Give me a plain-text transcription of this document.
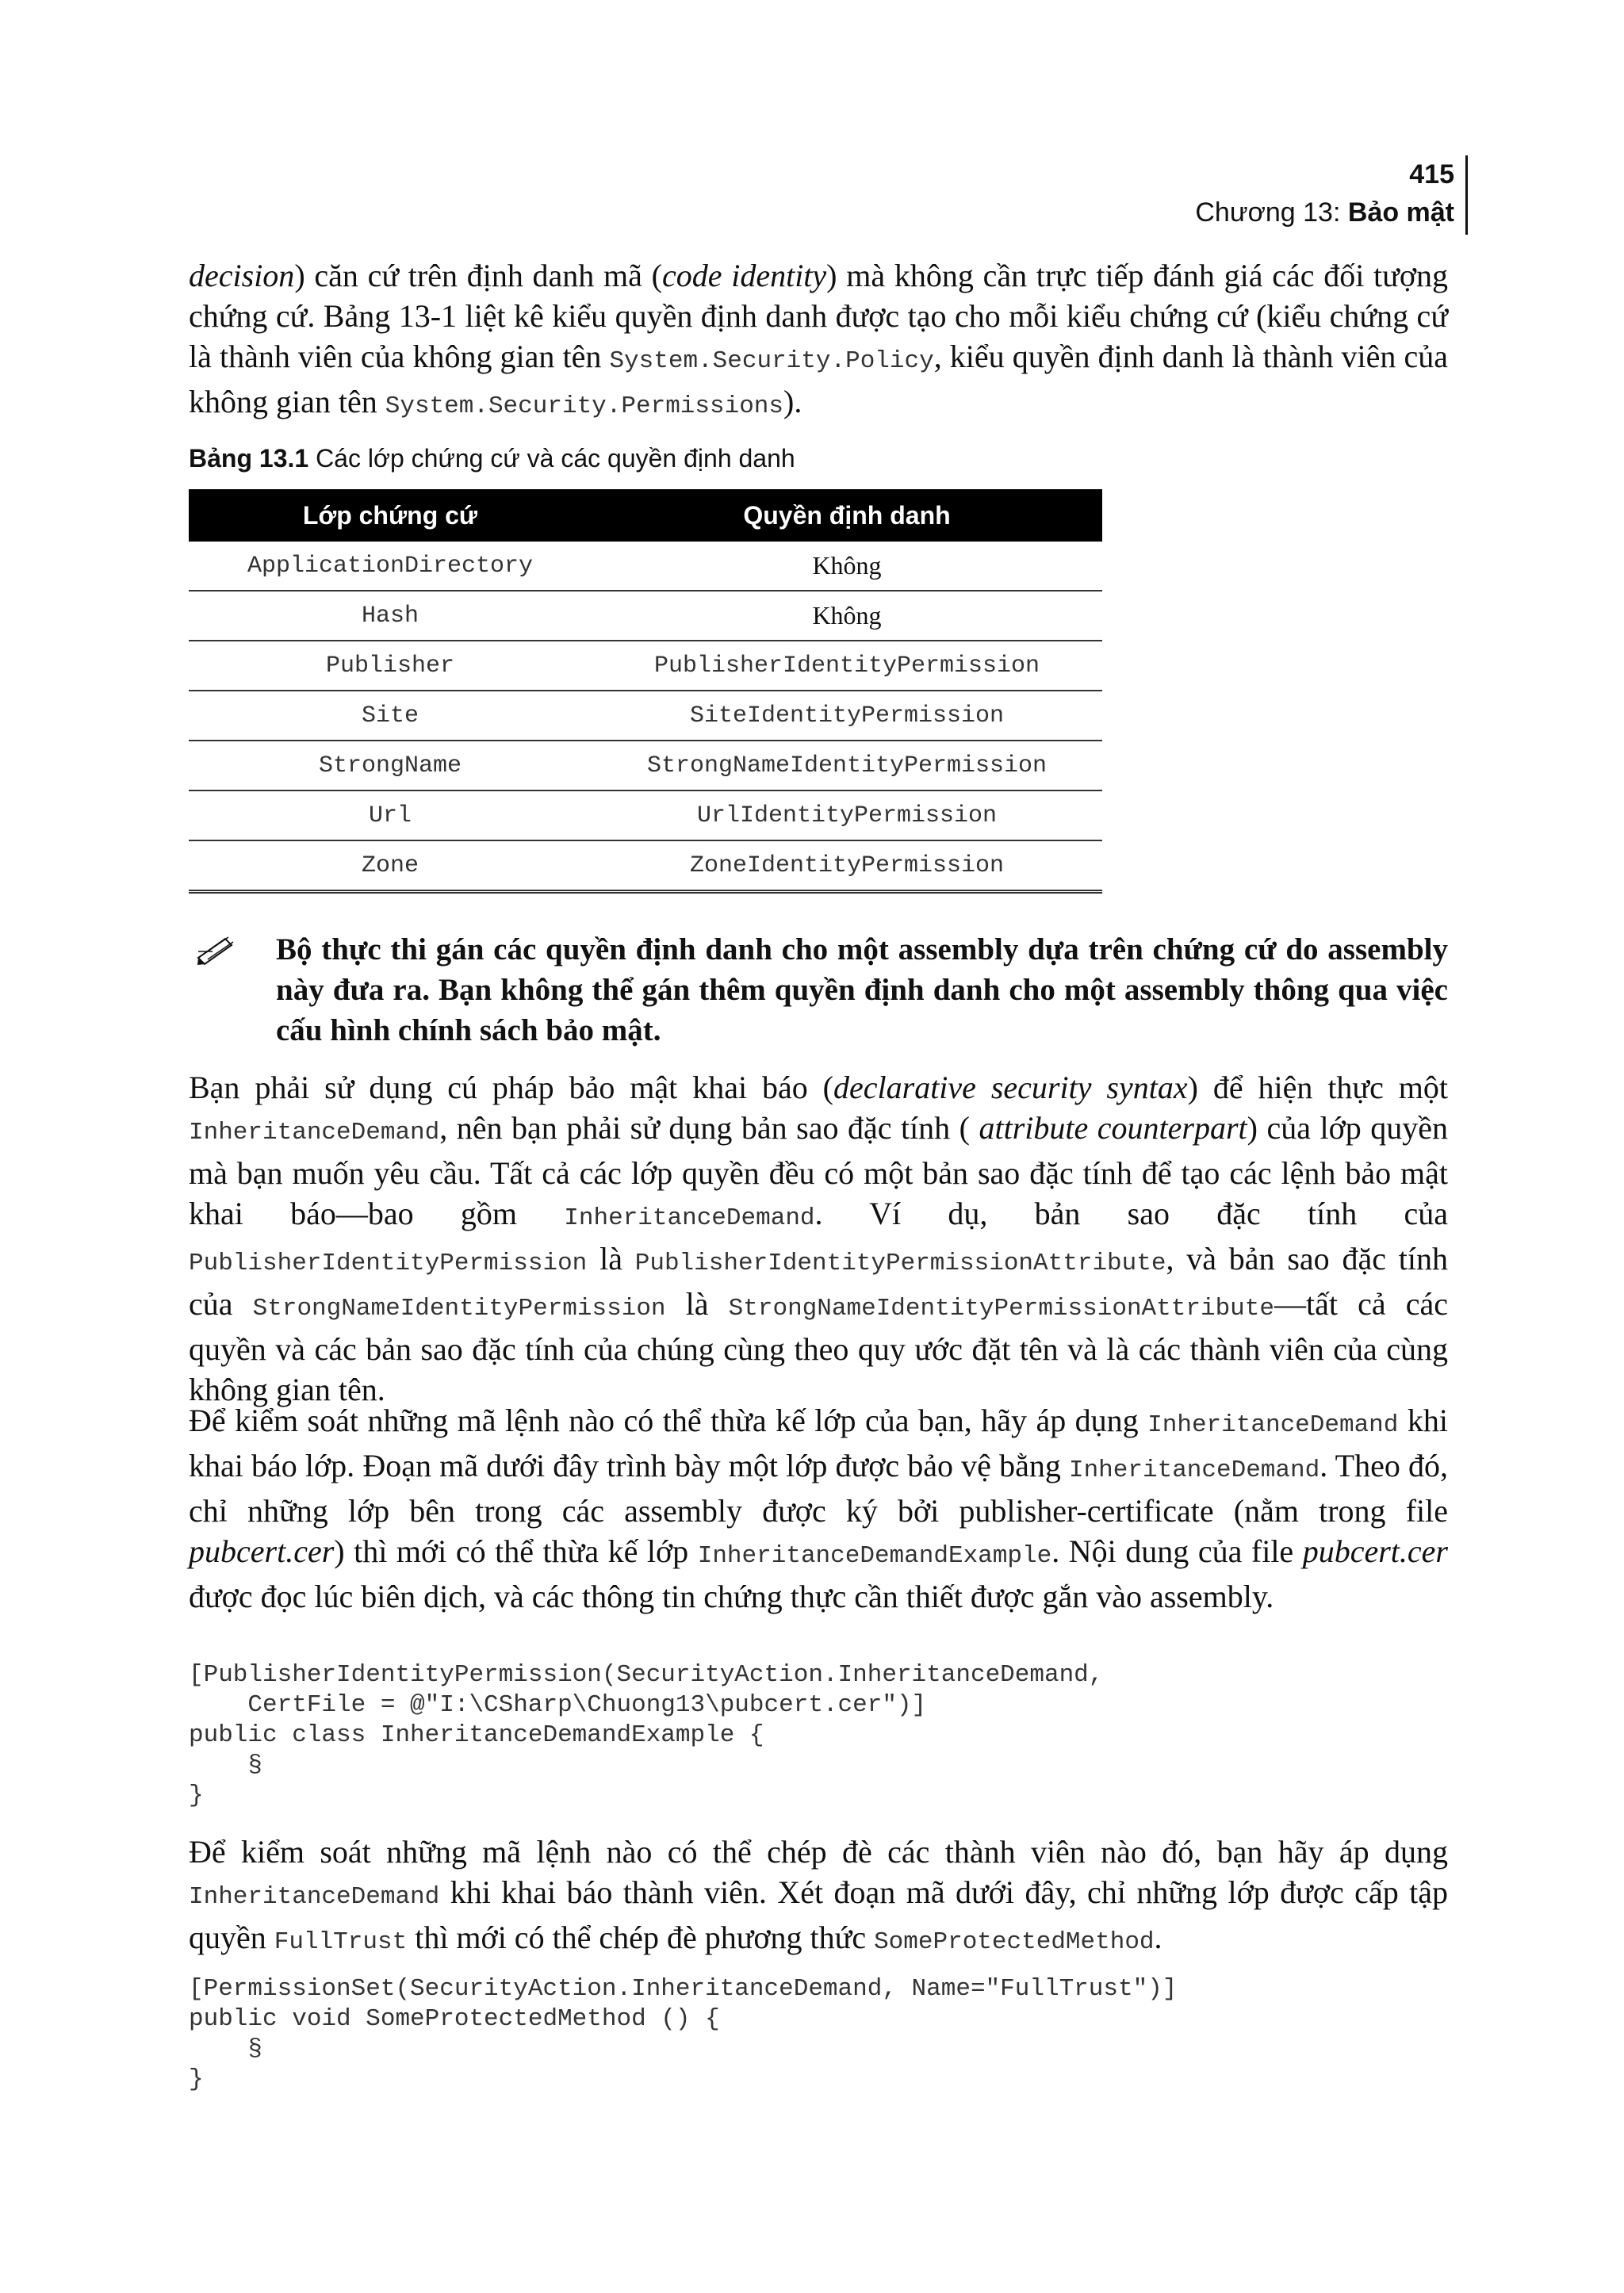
415
Chương 13: Bảo mật

decision) căn cứ trên định danh mã (code identity) mà không cần trực tiếp đánh giá các đối tượng chứng cứ. Bảng 13-1 liệt kê kiểu quyền định danh được tạo cho mỗi kiểu chứng cứ (kiểu chứng cứ là thành viên của không gian tên System.Security.Policy, kiểu quyền định danh là thành viên của không gian tên System.Security.Permissions).

Bảng 13.1 Các lớp chứng cứ và các quyền định danh
Lớp chứng cứ	Quyền định danh
ApplicationDirectory	Không
Hash	Không
Publisher	PublisherIdentityPermission
Site	SiteIdentityPermission
StrongName	StrongNameIdentityPermission
Url	UrlIdentityPermission
Zone	ZoneIdentityPermission

Bộ thực thi gán các quyền định danh cho một assembly dựa trên chứng cứ do assembly này đưa ra. Bạn không thể gán thêm quyền định danh cho một assembly thông qua việc cấu hình chính sách bảo mật.

Bạn phải sử dụng cú pháp bảo mật khai báo (declarative security syntax) để hiện thực một InheritanceDemand, nên bạn phải sử dụng bản sao đặc tính ( attribute counterpart) của lớp quyền mà bạn muốn yêu cầu. Tất cả các lớp quyền đều có một bản sao đặc tính để tạo các lệnh bảo mật khai báo—bao gồm InheritanceDemand. Ví dụ, bản sao đặc tính của PublisherIdentityPermission là PublisherIdentityPermissionAttribute, và bản sao đặc tính của StrongNameIdentityPermission là StrongNameIdentityPermissionAttribute—tất cả các quyền và các bản sao đặc tính của chúng cùng theo quy ước đặt tên và là các thành viên của cùng không gian tên.

Để kiểm soát những mã lệnh nào có thể thừa kế lớp của bạn, hãy áp dụng InheritanceDemand khi khai báo lớp. Đoạn mã dưới đây trình bày một lớp được bảo vệ bằng InheritanceDemand. Theo đó, chỉ những lớp bên trong các assembly được ký bởi publisher-certificate (nằm trong file pubcert.cer) thì mới có thể thừa kế lớp InheritanceDemandExample. Nội dung của file pubcert.cer được đọc lúc biên dịch, và các thông tin chứng thực cần thiết được gắn vào assembly.

[PublisherIdentityPermission(SecurityAction.InheritanceDemand,
CertFile = @"I:\CSharp\Chuong13\pubcert.cer")]
public class InheritanceDemandExample {
§
}

Để kiểm soát những mã lệnh nào có thể chép đè các thành viên nào đó, bạn hãy áp dụng InheritanceDemand khi khai báo thành viên. Xét đoạn mã dưới đây, chỉ những lớp được cấp tập quyền FullTrust thì mới có thể chép đè phương thức SomeProtectedMethod.

[PermissionSet(SecurityAction.InheritanceDemand, Name="FullTrust")]
public void SomeProtectedMethod () {
§
}
